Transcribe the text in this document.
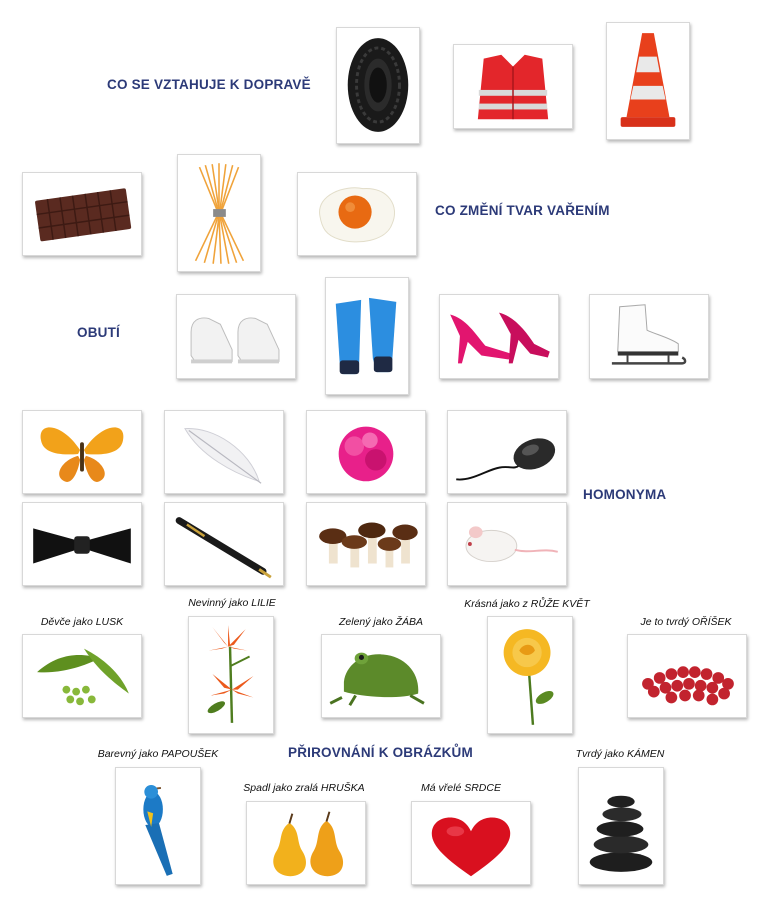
CO SE VZTAHUJE K DOPRAVĚ
CO ZMĚNÍ TVAR VAŘENÍM
OBUTÍ
HOMONYMA
PŘIROVNÁNÍ K OBRÁZKŮM
Děvče jako LUSK
Nevinný jako LILIE
Zelený jako ŽÁBA
Krásná jako z RŮŽE KVĚT
Je to tvrdý OŘÍŠEK
Barevný jako PAPOUŠEK
Spadl jako zralá HRUŠKA	Má vřelé SRDCE
Tvrdý jako KÁMEN
